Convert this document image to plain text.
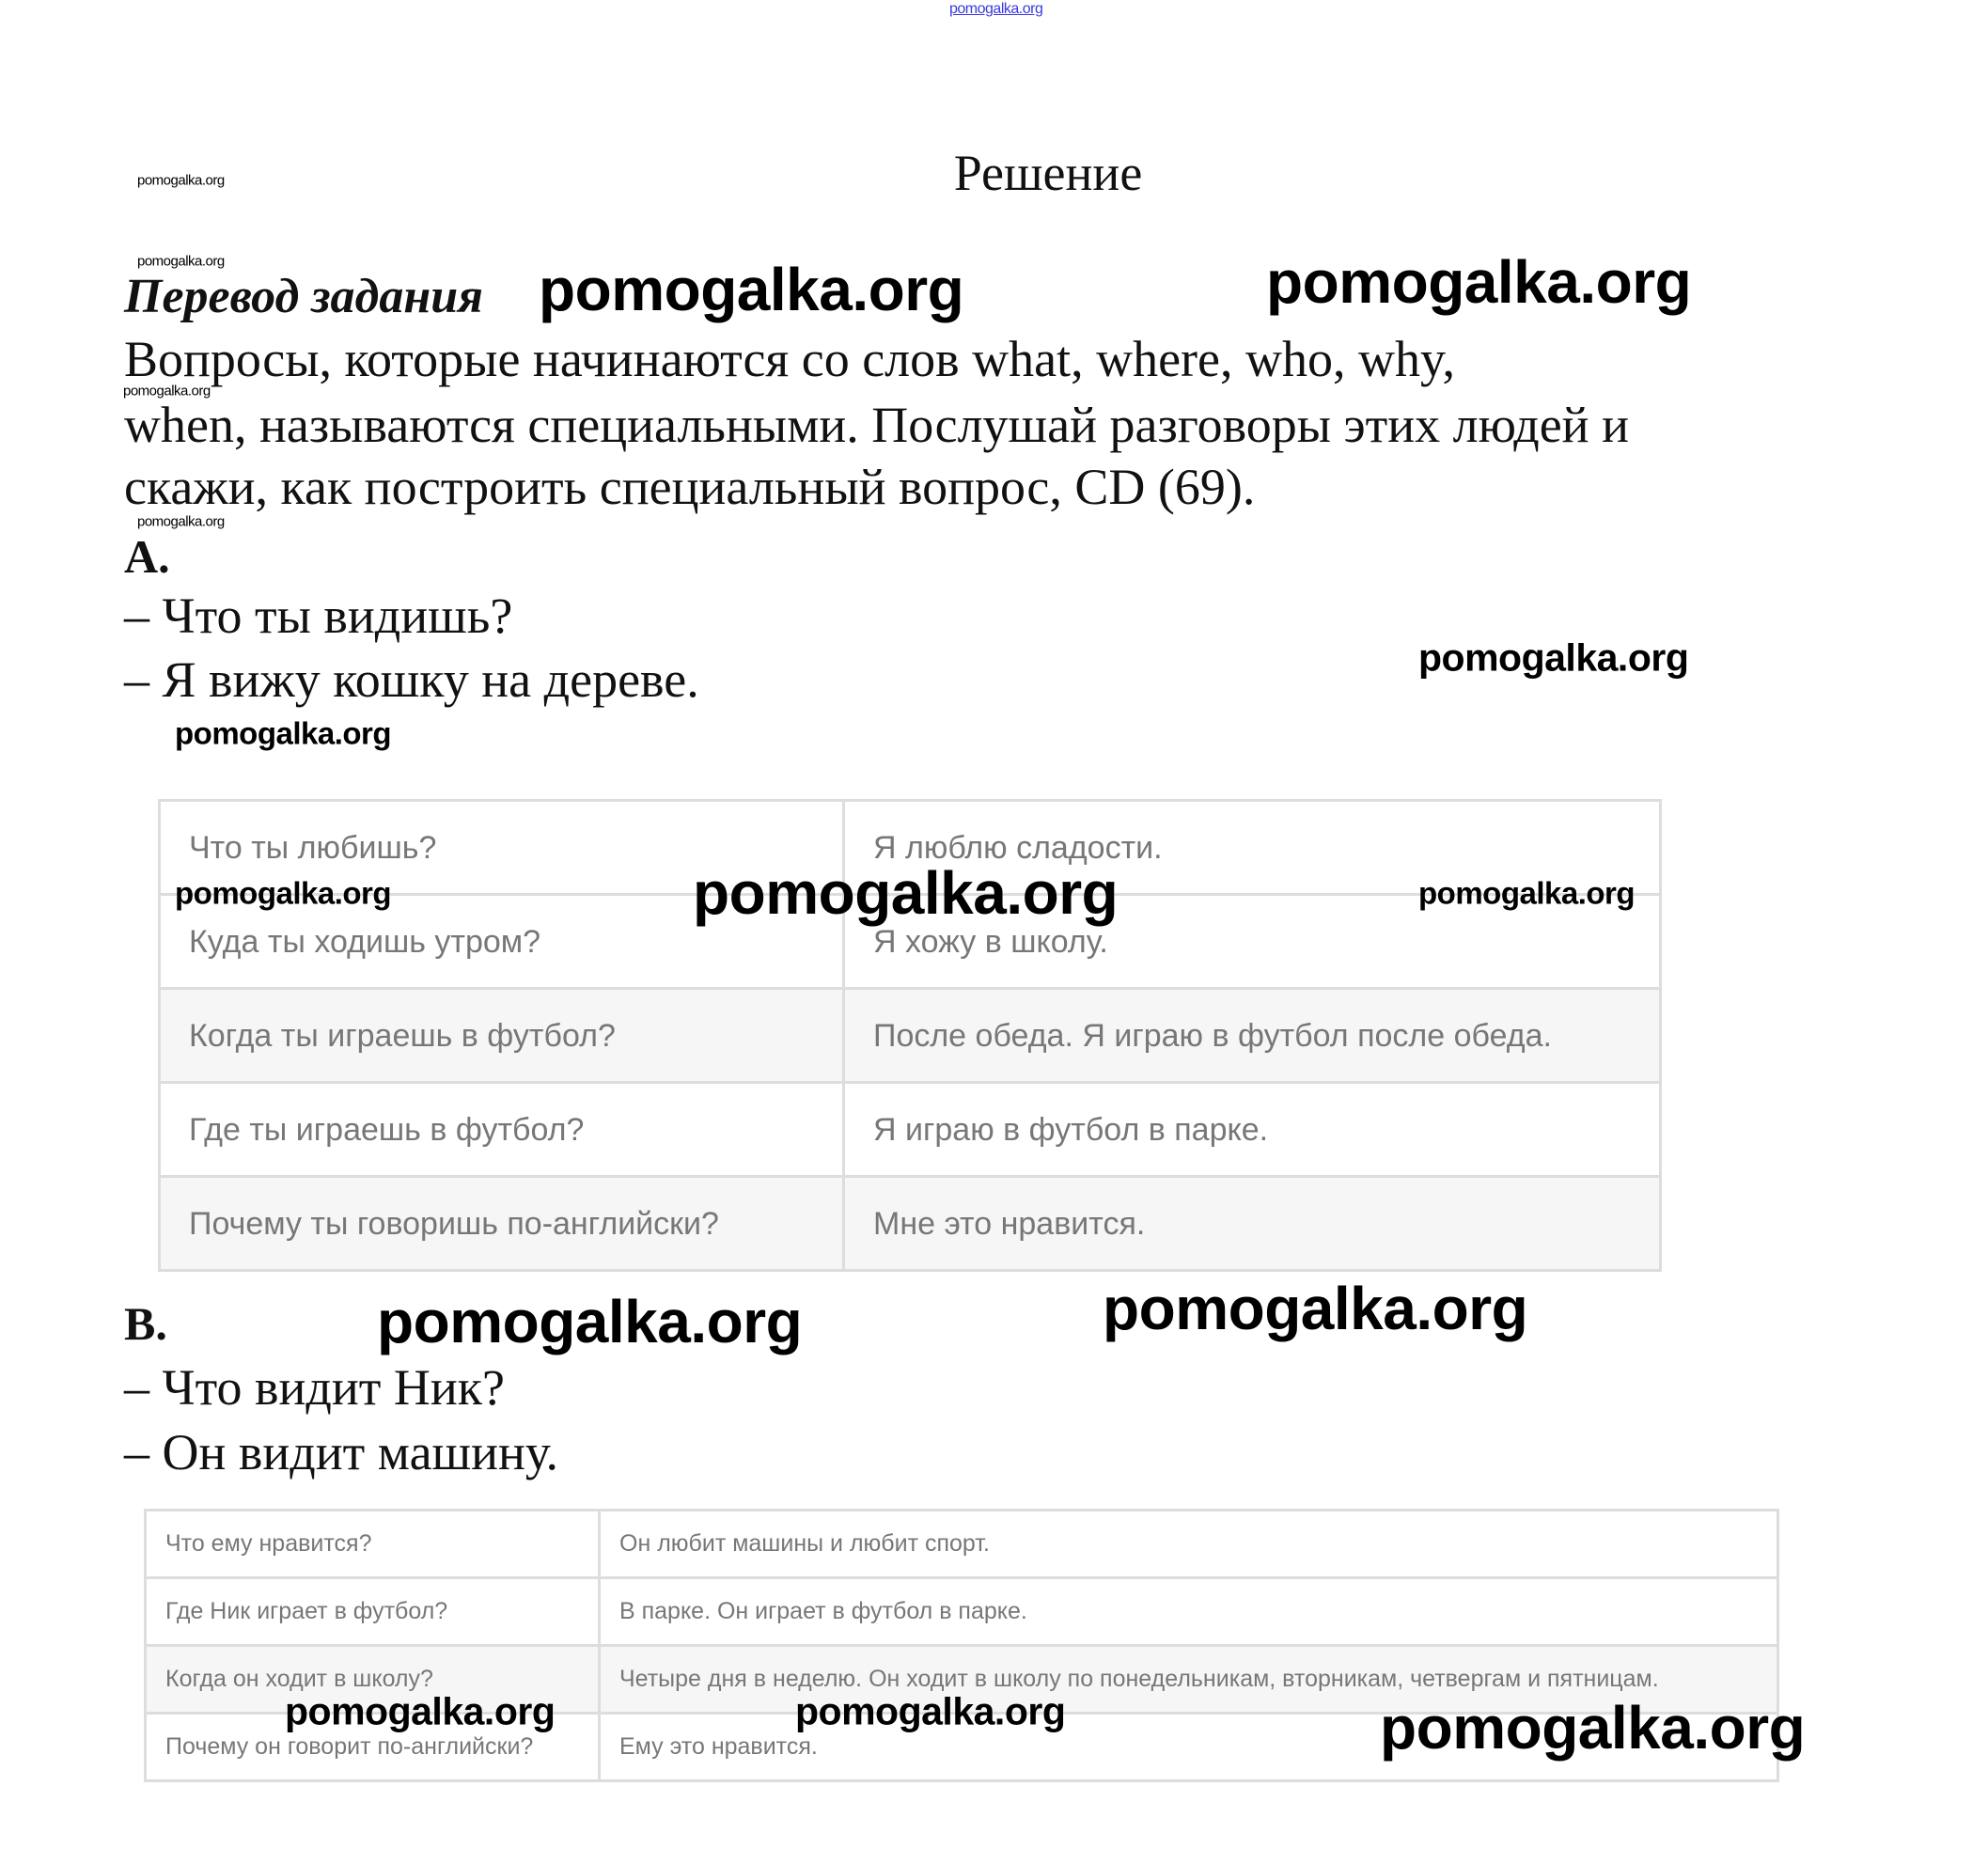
pomogalka.org
Решение
pomogalka.org
pomogalka.org
Перевод задания pomogalka.org	pomogalka.org
Вопросы, которые начинаются со слов what, where, who, why,
pomogalka.org
when, называются специальными. Послушай разговоры этих людей и
скажи, как построить специальный вопрос, CD (69).
pomogalka.org
A.
– Что ты видишь?
– Я вижу кошку на дереве.	pomogalka.org
pomogalka.org
Что ты любишь?	Я люблю сладости.
Куда ты ходишь утром?	Я хожу в школу.
Когда ты играешь в футбол?	После обеда. Я играю в футбол после обеда.
Где ты играешь в футбол?	Я играю в футбол в парке.
Почему ты говоришь по-английски?	Мне это нравится.
pomogalka.org	pomogalka.org	pomogalka.org
B.	pomogalka.org	pomogalka.org
– Что видит Ник?
– Он видит машину.
Что ему нравится?	Он любит машины и любит спорт.
Где Ник играет в футбол?	В парке. Он играет в футбол в парке.
Когда он ходит в школу?	Четыре дня в неделю. Он ходит в школу по понедельникам, вторникам, четвергам и пятницам.
Почему он говорит по-английски?	Ему это нравится.
pomogalka.org	pomogalka.org	pomogalka.org
